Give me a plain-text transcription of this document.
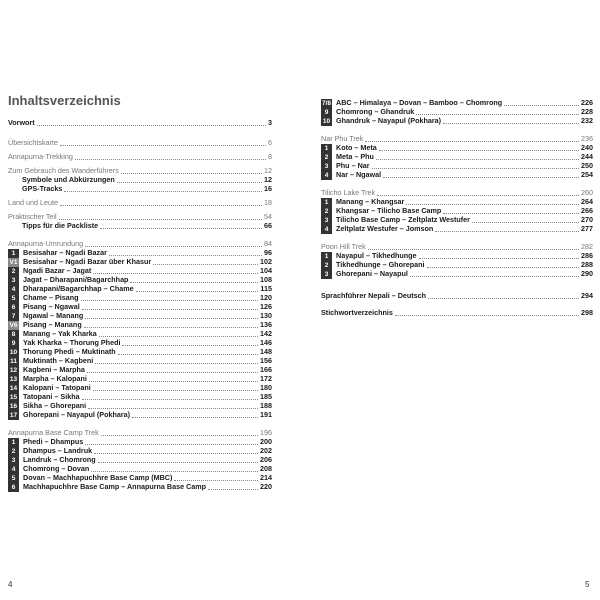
Inhaltsverzeichnis
Vorwort	3
Übersichtskarte	6
Annapurna-Trekking	8
Zum Gebrauch des Wanderführers	12
Symbole und Abkürzungen	12
GPS-Tracks	16
Land und Leute	18
Praktischer Teil	54
Tipps für die Packliste	66
Annapurna-Umrundung	84
1 Besisahar – Ngadi Bazar	96
V1 Besisahar – Ngadi Bazar über Khasur	102
2 Ngadi Bazar – Jagat	104
3 Jagat – Dharapani/Bagarchhap	108
4 Dharapani/Bagarchhap – Chame	115
5 Chame – Pisang	120
6 Pisang – Ngawal	126
7 Ngawal – Manang	130
V6 Pisang – Manang	136
8 Manang – Yak Kharka	142
9 Yak Kharka – Thorung Phedi	146
10 Thorung Phedi – Muktinath	148
11 Muktinath – Kagbeni	156
12 Kagbeni – Marpha	166
13 Marpha – Kalopani	172
14 Kalopani – Tatopani	180
15 Tatopani – Sikha	185
16 Sikha – Ghorepani	188
17 Ghorepani – Nayapul (Pokhara)	191
Annapurna Base Camp Trek	196
1 Phedi – Dhampus	200
2 Dhampus – Landruk	202
3 Landruk – Chomrong	206
4 Chomrong – Dovan	208
5 Dovan – Machhapuchhre Base Camp (MBC)	214
6 Machhapuchhre Base Camp – Annapurna Base Camp	220
7/8 ABC – Himalaya – Dovan – Bamboo – Chomrong	226
9 Chomrong – Ghandruk	228
10 Ghandruk – Nayapul (Pokhara)	232
Nar Phu Trek	236
1 Koto – Meta	240
2 Meta – Phu	244
3 Phu – Nar	250
4 Nar – Ngawal	254
Tilicho Lake Trek	260
1 Manang – Khangsar	264
2 Khangsar – Tilicho Base Camp	266
3 Tilicho Base Camp – Zeltplatz Westufer	270
4 Zeltplatz Westufer – Jomson	277
Poon Hill Trek	282
1 Nayapul – Tikhedhunge	286
2 Tikhedhunge – Ghorepani	288
3 Ghorepani – Nayapul	290
Sprachführer Nepali – Deutsch	294
Stichwortverzeichnis	298
4	5
